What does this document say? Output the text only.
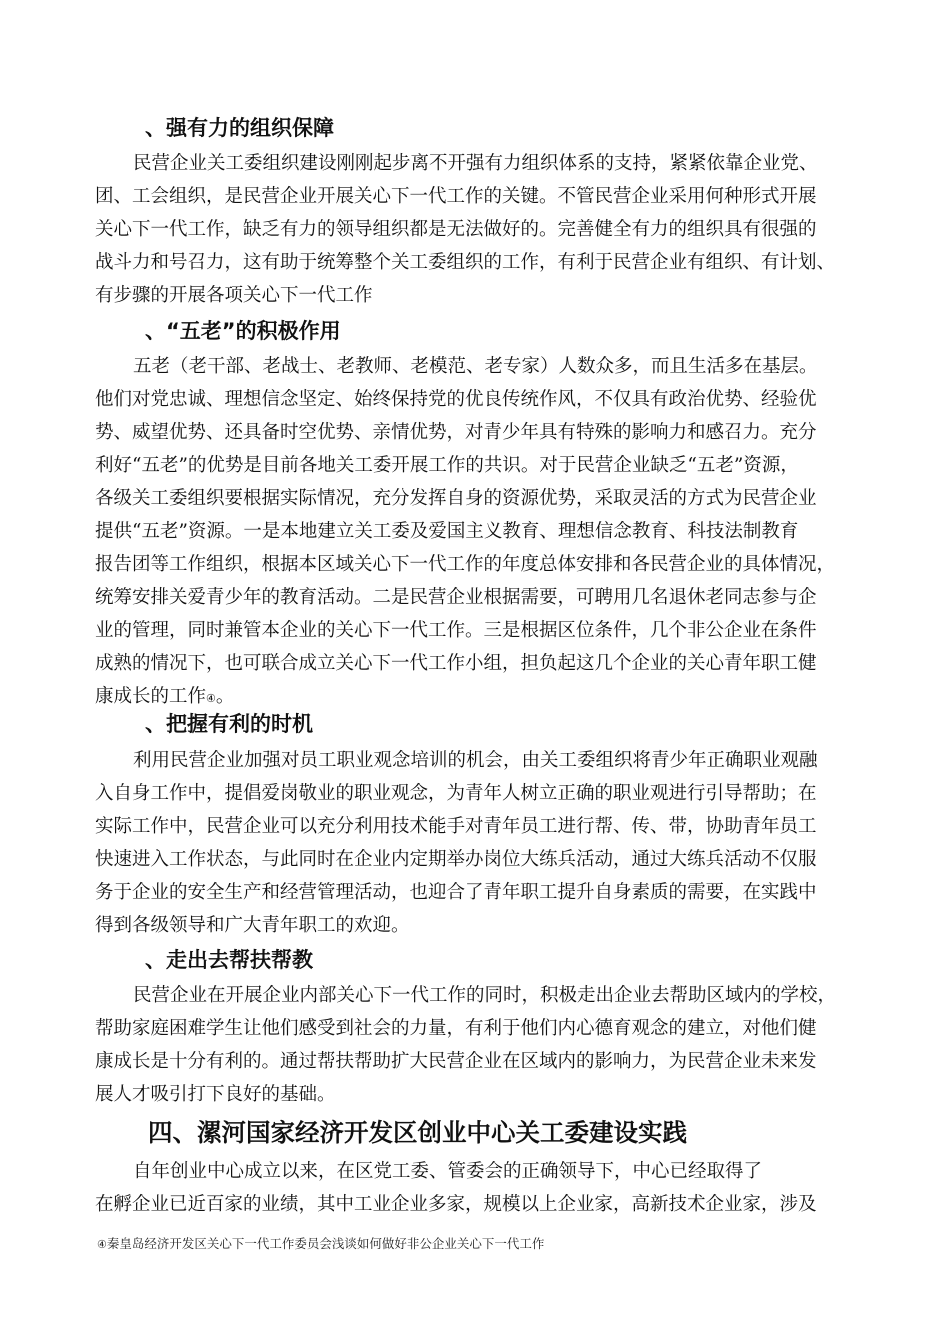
、强有力的组织保障
民营企业关工委组织建设刚刚起步离不开强有力组织体系的支持，紧紧依靠企业党、
团、工会组织，是民营企业开展关心下一代工作的关键。不管民营企业采用何种形式开展
关心下一代工作，缺乏有力的领导组织都是无法做好的。完善健全有力的组织具有很强的
战斗力和号召力，这有助于统筹整个关工委组织的工作，有利于民营企业有组织、有计划、
有步骤的开展各项关心下一代工作
、“五老”的积极作用
五老（老干部、老战士、老教师、老模范、老专家）人数众多，而且生活多在基层。
他们对党忠诚、理想信念坚定、始终保持党的优良传统作风，不仅具有政治优势、经验优
势、威望优势、还具备时空优势、亲情优势，对青少年具有特殊的影响力和感召力。充分
利好“五老”的优势是目前各地关工委开展工作的共识。对于民营企业缺乏“五老”资源，
各级关工委组织要根据实际情况，充分发挥自身的资源优势，采取灵活的方式为民营企业
提供“五老”资源。一是本地建立关工委及爱国主义教育、理想信念教育、科技法制教育
报告团等工作组织，根据本区域关心下一代工作的年度总体安排和各民营企业的具体情况，
统筹安排关爱青少年的教育活动。二是民营企业根据需要，可聘用几名退休老同志参与企
业的管理，同时兼管本企业的关心下一代工作。三是根据区位条件，几个非公企业在条件
成熟的情况下，也可联合成立关心下一代工作小组，担负起这几个企业的关心青年职工健
康成长的工作④。
、把握有利的时机
利用民营企业加强对员工职业观念培训的机会，由关工委组织将青少年正确职业观融
入自身工作中，提倡爱岗敬业的职业观念，为青年人树立正确的职业观进行引导帮助；在
实际工作中，民营企业可以充分利用技术能手对青年员工进行帮、传、带，协助青年员工
快速进入工作状态，与此同时在企业内定期举办岗位大练兵活动，通过大练兵活动不仅服
务于企业的安全生产和经营管理活动，也迎合了青年职工提升自身素质的需要，在实践中
得到各级领导和广大青年职工的欢迎。
、走出去帮扶帮教
民营企业在开展企业内部关心下一代工作的同时，积极走出企业去帮助区域内的学校，
帮助家庭困难学生让他们感受到社会的力量，有利于他们内心德育观念的建立，对他们健
康成长是十分有利的。通过帮扶帮助扩大民营企业在区域内的影响力，为民营企业未来发
展人才吸引打下良好的基础。
四、漯河国家经济开发区创业中心关工委建设实践
自年创业中心成立以来，在区党工委、管委会的正确领导下，中心已经取得了
在孵企业已近百家的业绩，其中工业企业多家，规模以上企业家，高新技术企业家，涉及
④秦皇岛经济开发区关心下一代工作委员会浅谈如何做好非公企业关心下一代工作
